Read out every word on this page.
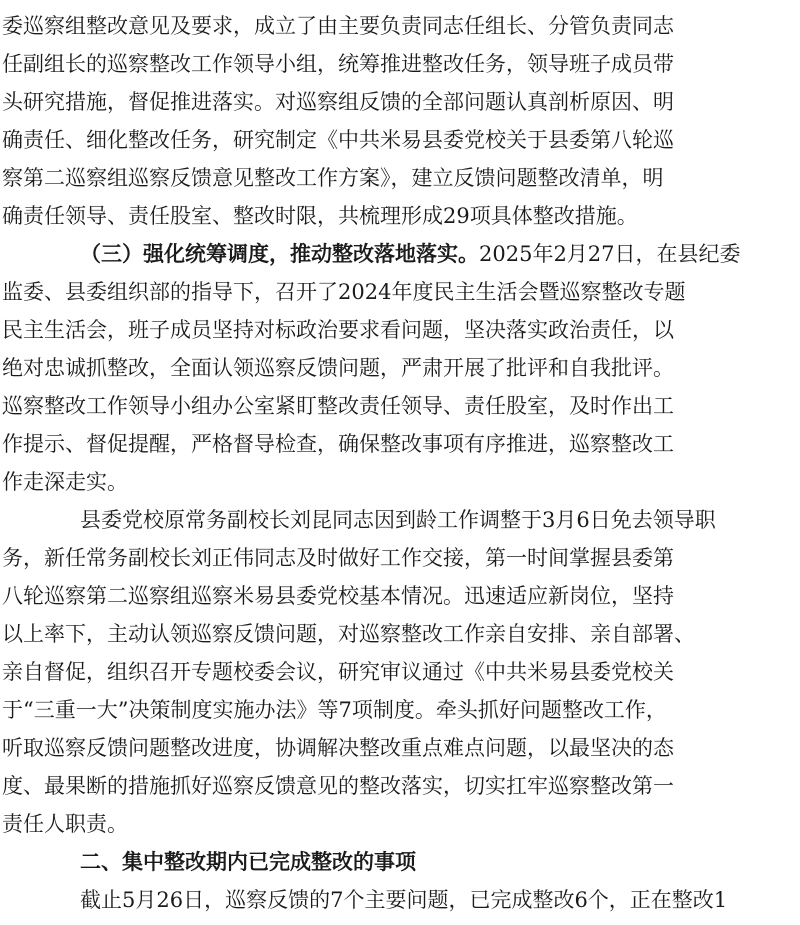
委巡察组整改意见及要求，成立了由主要负责同志任组长、分管负责同志
任副组长的巡察整改工作领导小组，统筹推进整改任务，领导班子成员带
头研究措施，督促推进落实。对巡察组反馈的全部问题认真剖析原因、明
确责任、细化整改任务，研究制定《中共米易县委党校关于县委第八轮巡
察第二巡察组巡察反馈意见整改工作方案》，建立反馈问题整改清单，明
确责任领导、责任股室、整改时限，共梳理形成29项具体整改措施。
（三）强化统筹调度，推动整改落地落实。2025年2月27日，在县纪委
监委、县委组织部的指导下，召开了2024年度民主生活会暨巡察整改专题
民主生活会，班子成员坚持对标政治要求看问题，坚决落实政治责任，以
绝对忠诚抓整改，全面认领巡察反馈问题，严肃开展了批评和自我批评。
巡察整改工作领导小组办公室紧盯整改责任领导、责任股室，及时作出工
作提示、督促提醒，严格督导检查，确保整改事项有序推进，巡察整改工
作走深走实。
县委党校原常务副校长刘昆同志因到龄工作调整于3月6日免去领导职
务，新任常务副校长刘正伟同志及时做好工作交接，第一时间掌握县委第
八轮巡察第二巡察组巡察米易县委党校基本情况。迅速适应新岗位，坚持
以上率下，主动认领巡察反馈问题，对巡察整改工作亲自安排、亲自部署、
亲自督促，组织召开专题校委会议，研究审议通过《中共米易县委党校关
于“三重一大”决策制度实施办法》等7项制度。牵头抓好问题整改工作，
听取巡察反馈问题整改进度，协调解决整改重点难点问题，以最坚决的态
度、最果断的措施抓好巡察反馈意见的整改落实，切实扛牢巡察整改第一
责任人职责。
二、集中整改期内已完成整改的事项
截止5月26日，巡察反馈的7个主要问题，已完成整改6个，正在整改1
